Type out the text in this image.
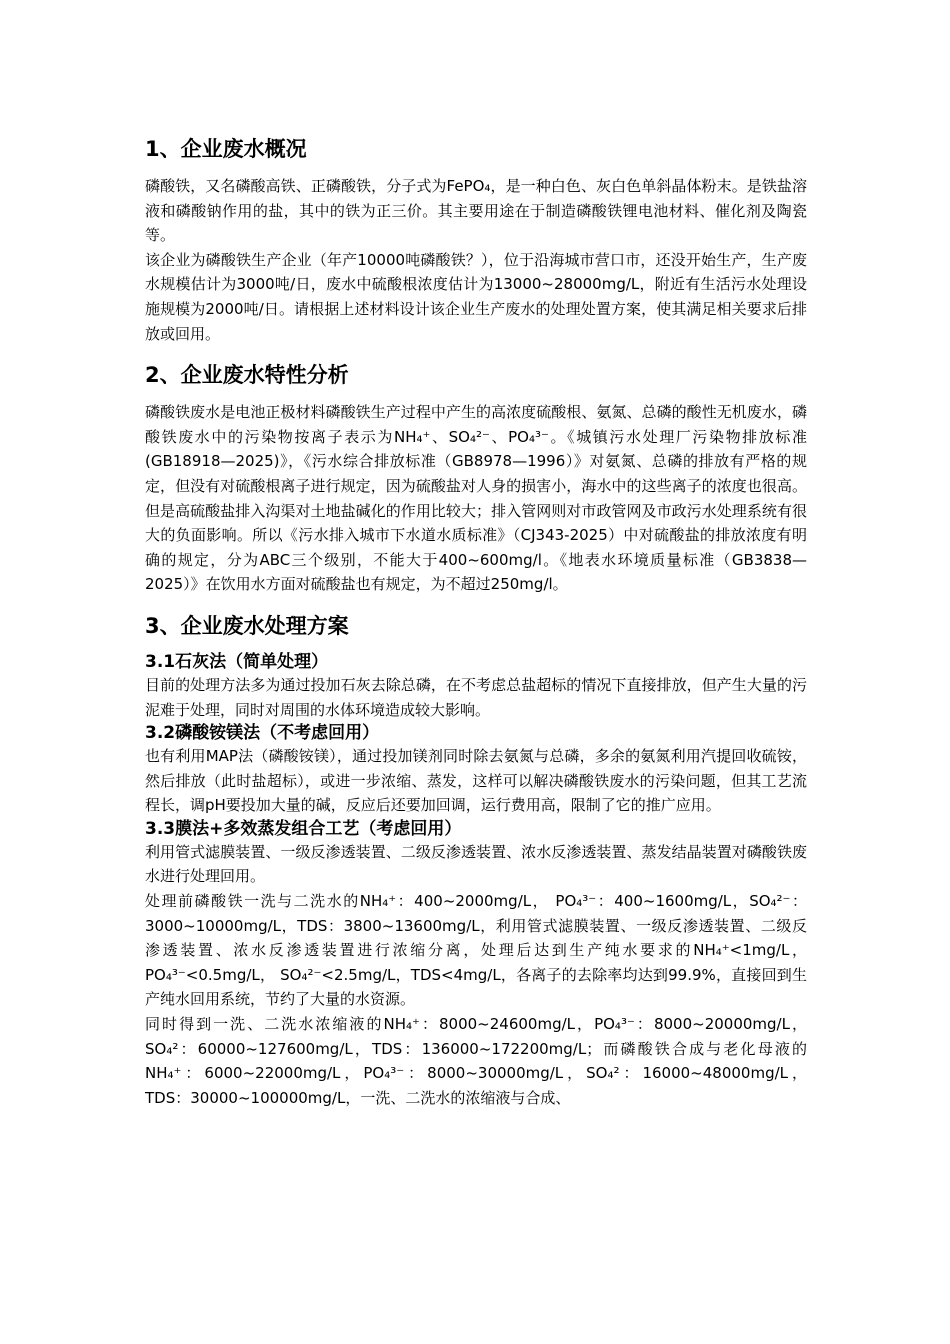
1、企业废水概况

磷酸铁，又名磷酸高铁、正磷酸铁，分子式为FePO₄，是一种白色、灰白色单斜晶体粉末。是铁盐溶液和磷酸钠作用的盐，其中的铁为正三价。其主要用途在于制造磷酸铁锂电池材料、催化剂及陶瓷等。

该企业为磷酸铁生产企业（年产10000吨磷酸铁？），位于沿海城市营口市，还没开始生产，生产废水规模估计为3000吨/日，废水中硫酸根浓度估计为13000~28000mg/L，附近有生活污水处理设施规模为2000吨/日。请根据上述材料设计该企业生产废水的处理处置方案，使其满足相关要求后排放或回用。

2、企业废水特性分析

磷酸铁废水是电池正极材料磷酸铁生产过程中产生的高浓度硫酸根、氨氮、总磷的酸性无机废水，磷酸铁废水中的污染物按离子表示为NH₄⁺、SO₄²⁻、PO₄³⁻。《城镇污水处理厂污染物排放标准(GB18918—2025)》，《污水综合排放标准（GB8978—1996）》对氨氮、总磷的排放有严格的规定，但没有对硫酸根离子进行规定，因为硫酸盐对人身的损害小，海水中的这些离子的浓度也很高。但是高硫酸盐排入沟渠对土地盐碱化的作用比较大；排入管网则对市政管网及市政污水处理系统有很大的负面影响。所以《污水排入城市下水道水质标准》（CJ343-2025）中对硫酸盐的排放浓度有明确的规定，分为ABC三个级别，不能大于400~600mg/l。《地表水环境质量标准（GB3838—2025）》在饮用水方面对硫酸盐也有规定，为不超过250mg/l。

3、企业废水处理方案
3.1石灰法（简单处理）

目前的处理方法多为通过投加石灰去除总磷，在不考虑总盐超标的情况下直接排放，但产生大量的污泥难于处理，同时对周围的水体环境造成较大影响。

3.2磷酸铵镁法（不考虑回用）

也有利用MAP法（磷酸铵镁），通过投加镁剂同时除去氨氮与总磷，多余的氨氮利用汽提回收硫铵，然后排放（此时盐超标），或进一步浓缩、蒸发，这样可以解决磷酸铁废水的污染问题，但其工艺流程长，调pH要投加大量的碱，反应后还要加回调，运行费用高，限制了它的推广应用。

3.3膜法+多效蒸发组合工艺（考虑回用）

利用管式滤膜装置、一级反渗透装置、二级反渗透装置、浓水反渗透装置、蒸发结晶装置对磷酸铁废水进行处理回用。

处理前磷酸铁一洗与二洗水的NH₄⁺：400~2000mg/L， PO₄³⁻：400~1600mg/L，SO₄²⁻：3000~10000mg/L，TDS：3800~13600mg/L，利用管式滤膜装置、一级反渗透装置、二级反渗透装置、浓水反渗透装置进行浓缩分离，处理后达到生产纯水要求的NH₄⁺<1mg/L， PO₄³⁻<0.5mg/L， SO₄²⁻<2.5mg/L，TDS<4mg/L，各离子的去除率均达到99.9%，直接回到生产纯水回用系统，节约了大量的水资源。

同时得到一洗、二洗水浓缩液的NH₄⁺：8000~24600mg/L，PO₄³⁻：8000~20000mg/L，SO₄²：60000~127600mg/L，TDS：136000~172200mg/L；而磷酸铁合成与老化母液的NH₄⁺：6000~22000mg/L，PO₄³⁻：8000~30000mg/L，SO₄²：16000~48000mg/L，TDS：30000~100000mg/L，一洗、二洗水的浓缩液与合成、
